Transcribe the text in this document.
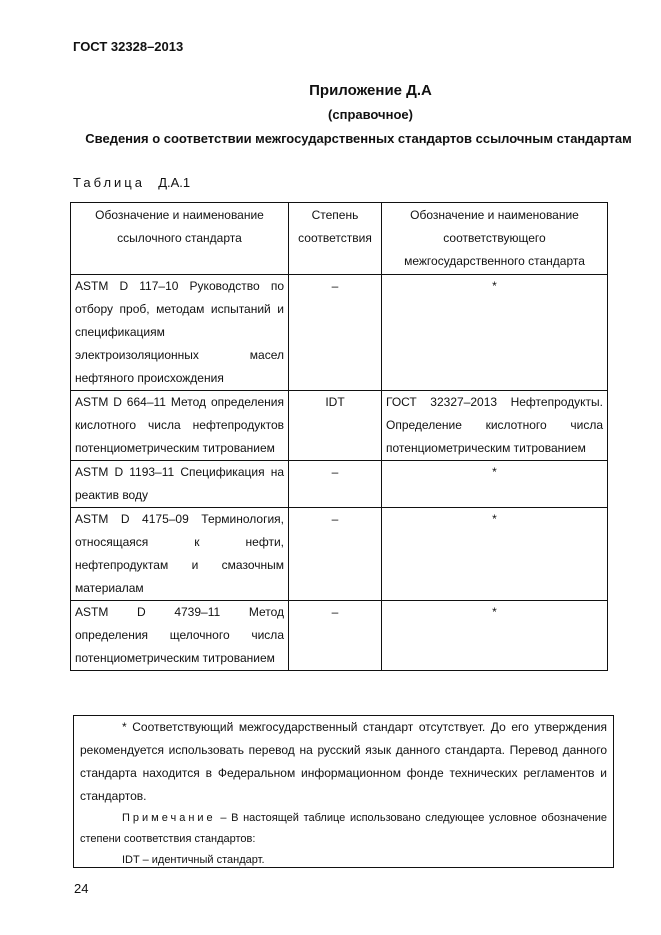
ГОСТ 32328–2013
Приложение Д.А
(справочное)
Сведения о соответствии межгосударственных стандартов ссылочным стандартам
Таблица Д.А.1
Обозначение и наименование ссылочного стандарта	Степень соответствия	Обозначение и наименование соответствующего межгосударственного стандарта
ASTM D 117–10 Руководство по отбору проб, методам испытаний и спецификациям электроизоляционных масел нефтяного происхождения	–	*
ASTM D 664–11 Метод определения кислотного числа нефтепродуктов потенциометрическим титрованием	IDT	ГОСТ 32327–2013 Нефтепродукты. Определение кислотного числа потенциометрическим титрованием
ASTM D 1193–11 Спецификация на реактив воду	–	*
ASTM D 4175–09 Терминология, относящаяся к нефти, нефтепродуктам и смазочным материалам	–	*
ASTM D 4739–11 Метод определения щелочного числа потенциометрическим титрованием	–	*

* Соответствующий межгосударственный стандарт отсутствует. До его утверждения рекомендуется использовать перевод на русский язык данного стандарта. Перевод данного стандарта находится в Федеральном информационном фонде технических регламентов и стандартов.

Примечание – В настоящей таблице использовано следующее условное обозначение степени соответствия стандартов:

IDT – идентичный стандарт.

24
